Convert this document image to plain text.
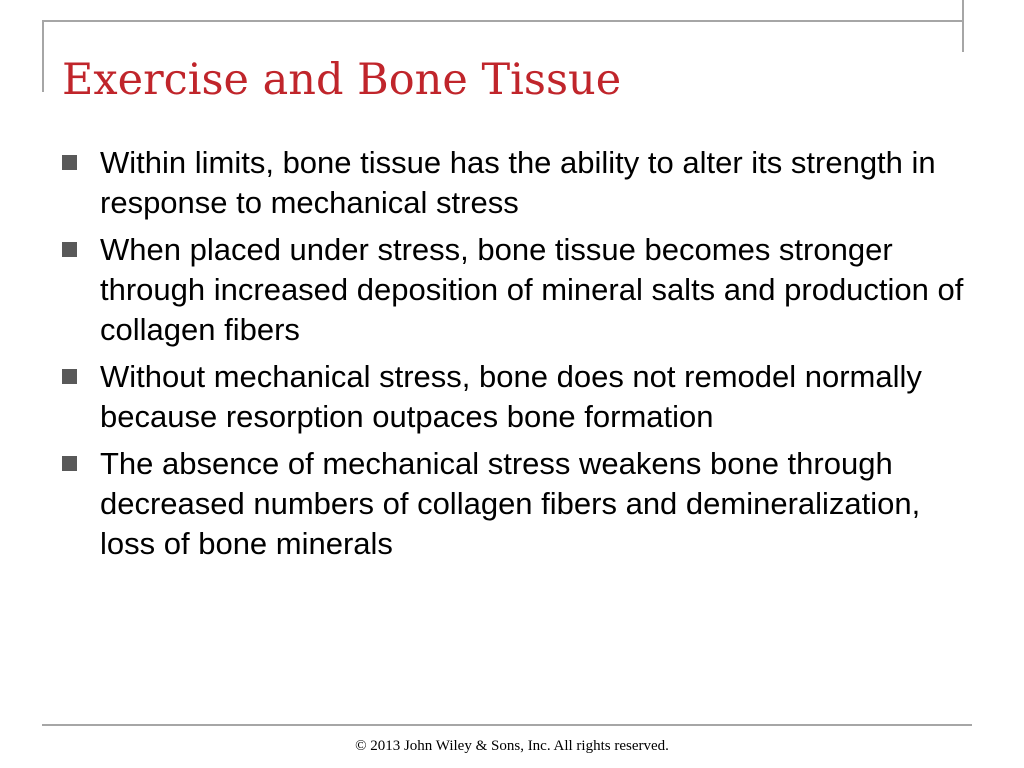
Exercise and Bone Tissue
Within limits, bone tissue has the ability to alter its strength in response to mechanical stress
When placed under stress, bone tissue becomes stronger through increased deposition of mineral salts and production of collagen fibers
Without mechanical stress, bone does not remodel normally because resorption outpaces bone formation
The absence of mechanical stress weakens bone through decreased numbers of collagen fibers and demineralization, loss of bone minerals
© 2013 John Wiley & Sons, Inc. All rights reserved.
